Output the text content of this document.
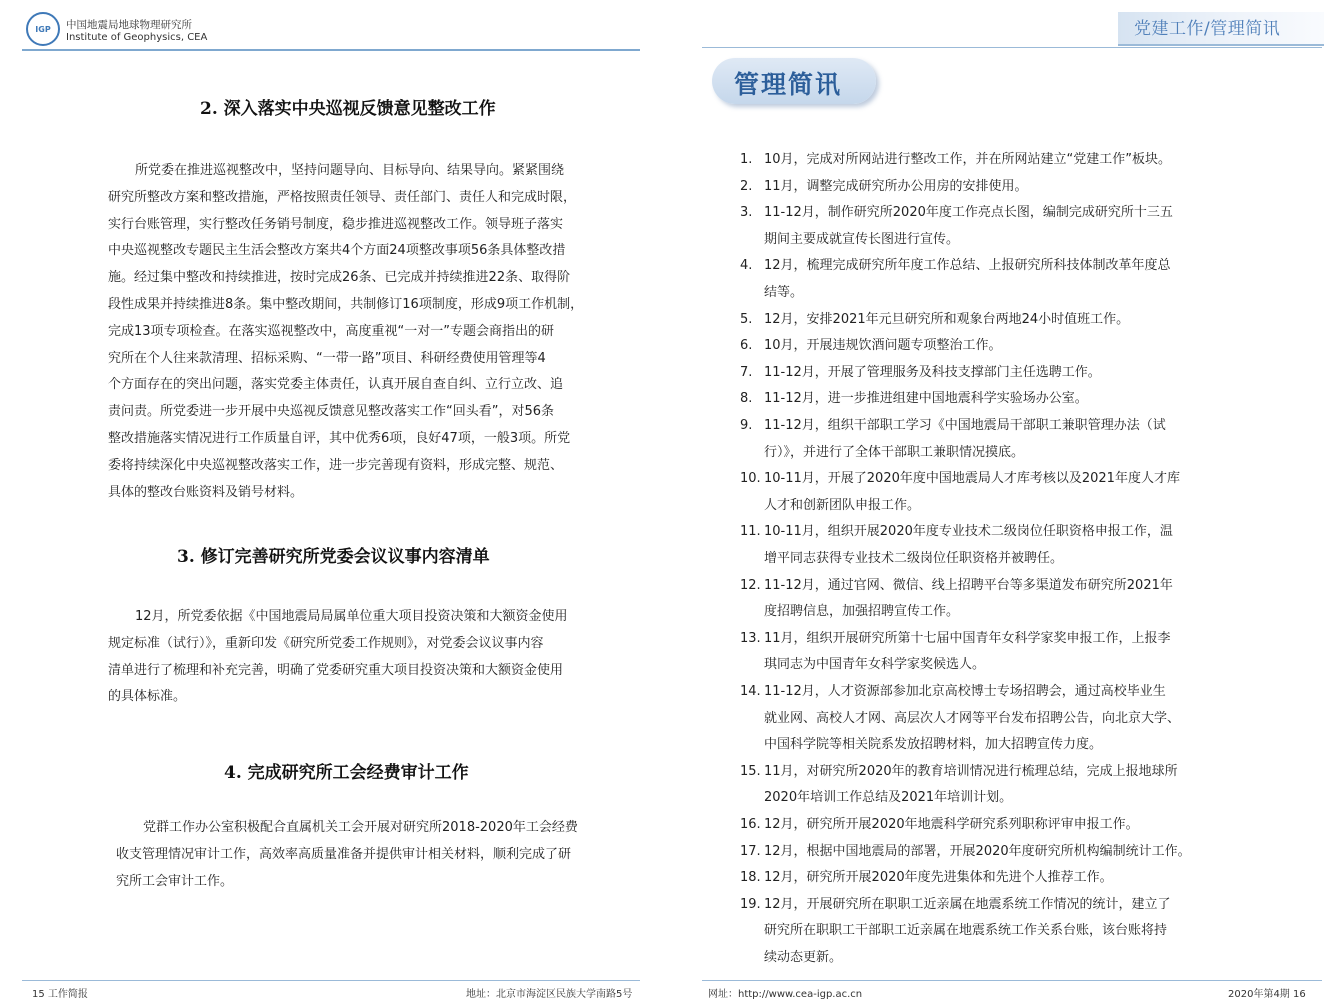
IGP 中国地震局地球物理研究所
Institute of Geophysics, CEA
2. 深入落实中央巡视反馈意见整改工作
所党委在推进巡视整改中，坚持问题导向、目标导向、结果导向。紧紧围绕
研究所整改方案和整改措施，严格按照责任领导、责任部门、责任人和完成时限，
实行台账管理，实行整改任务销号制度，稳步推进巡视整改工作。领导班子落实
中央巡视整改专题民主生活会整改方案共4个方面24项整改事项56条具体整改措
施。经过集中整改和持续推进，按时完成26条、已完成并持续推进22条、取得阶
段性成果并持续推进8条。集中整改期间，共制修订16项制度，形成9项工作机制，
完成13项专项检查。在落实巡视整改中，高度重视“一对一”专题会商指出的研
究所在个人往来款清理、招标采购、“一带一路”项目、科研经费使用管理等4
个方面存在的突出问题，落实党委主体责任，认真开展自查自纠、立行立改、追
责问责。所党委进一步开展中央巡视反馈意见整改落实工作“回头看”，对56条
整改措施落实情况进行工作质量自评，其中优秀6项，良好47项，一般3项。所党
委将持续深化中央巡视整改落实工作，进一步完善现有资料，形成完整、规范、
具体的整改台账资料及销号材料。
3. 修订完善研究所党委会议议事内容清单
12月，所党委依据《中国地震局局属单位重大项目投资决策和大额资金使用
规定标准（试行）》，重新印发《研究所党委工作规则》，对党委会议议事内容
清单进行了梳理和补充完善，明确了党委研究重大项目投资决策和大额资金使用
的具体标准。
4. 完成研究所工会经费审计工作
党群工作办公室积极配合直属机关工会开展对研究所2018-2020年工会经费
收支管理情况审计工作，高效率高质量准备并提供审计相关材料，顺利完成了研
究所工会审计工作。
15 工作简报	地址：北京市海淀区民族大学南路5号
党建工作/管理简讯
管理简讯
1. 10月，完成对所网站进行整改工作，并在所网站建立“党建工作”板块。
2. 11月，调整完成研究所办公用房的安排使用。
3. 11-12月，制作研究所2020年度工作亮点长图，编制完成研究所十三五
期间主要成就宣传长图进行宣传。
4. 12月，梳理完成研究所年度工作总结、上报研究所科技体制改革年度总
结等。
5. 12月，安排2021年元旦研究所和观象台两地24小时值班工作。
6. 10月，开展违规饮酒问题专项整治工作。
7. 11-12月，开展了管理服务及科技支撑部门主任选聘工作。
8. 11-12月，进一步推进组建中国地震科学实验场办公室。
9. 11-12月，组织干部职工学习《中国地震局干部职工兼职管理办法（试
行）》，并进行了全体干部职工兼职情况摸底。
10. 10-11月，开展了2020年度中国地震局人才库考核以及2021年度人才库
人才和创新团队申报工作。
11. 10-11月，组织开展2020年度专业技术二级岗位任职资格申报工作，温
增平同志获得专业技术二级岗位任职资格并被聘任。
12. 11-12月，通过官网、微信、线上招聘平台等多渠道发布研究所2021年
度招聘信息，加强招聘宣传工作。
13. 11月，组织开展研究所第十七届中国青年女科学家奖申报工作，上报李
琪同志为中国青年女科学家奖候选人。
14. 11-12月，人才资源部参加北京高校博士专场招聘会，通过高校毕业生
就业网、高校人才网、高层次人才网等平台发布招聘公告，向北京大学、
中国科学院等相关院系发放招聘材料，加大招聘宣传力度。
15. 11月，对研究所2020年的教育培训情况进行梳理总结，完成上报地球所
2020年培训工作总结及2021年培训计划。
16. 12月，研究所开展2020年地震科学研究系列职称评审申报工作。
17. 12月，根据中国地震局的部署，开展2020年度研究所机构编制统计工作。
18. 12月，研究所开展2020年度先进集体和先进个人推荐工作。
19. 12月，开展研究所在职职工近亲属在地震系统工作情况的统计，建立了
研究所在职职工干部职工近亲属在地震系统工作关系台账，该台账将持
续动态更新。
网址：http://www.cea-igp.ac.cn	2020年第4期 16
